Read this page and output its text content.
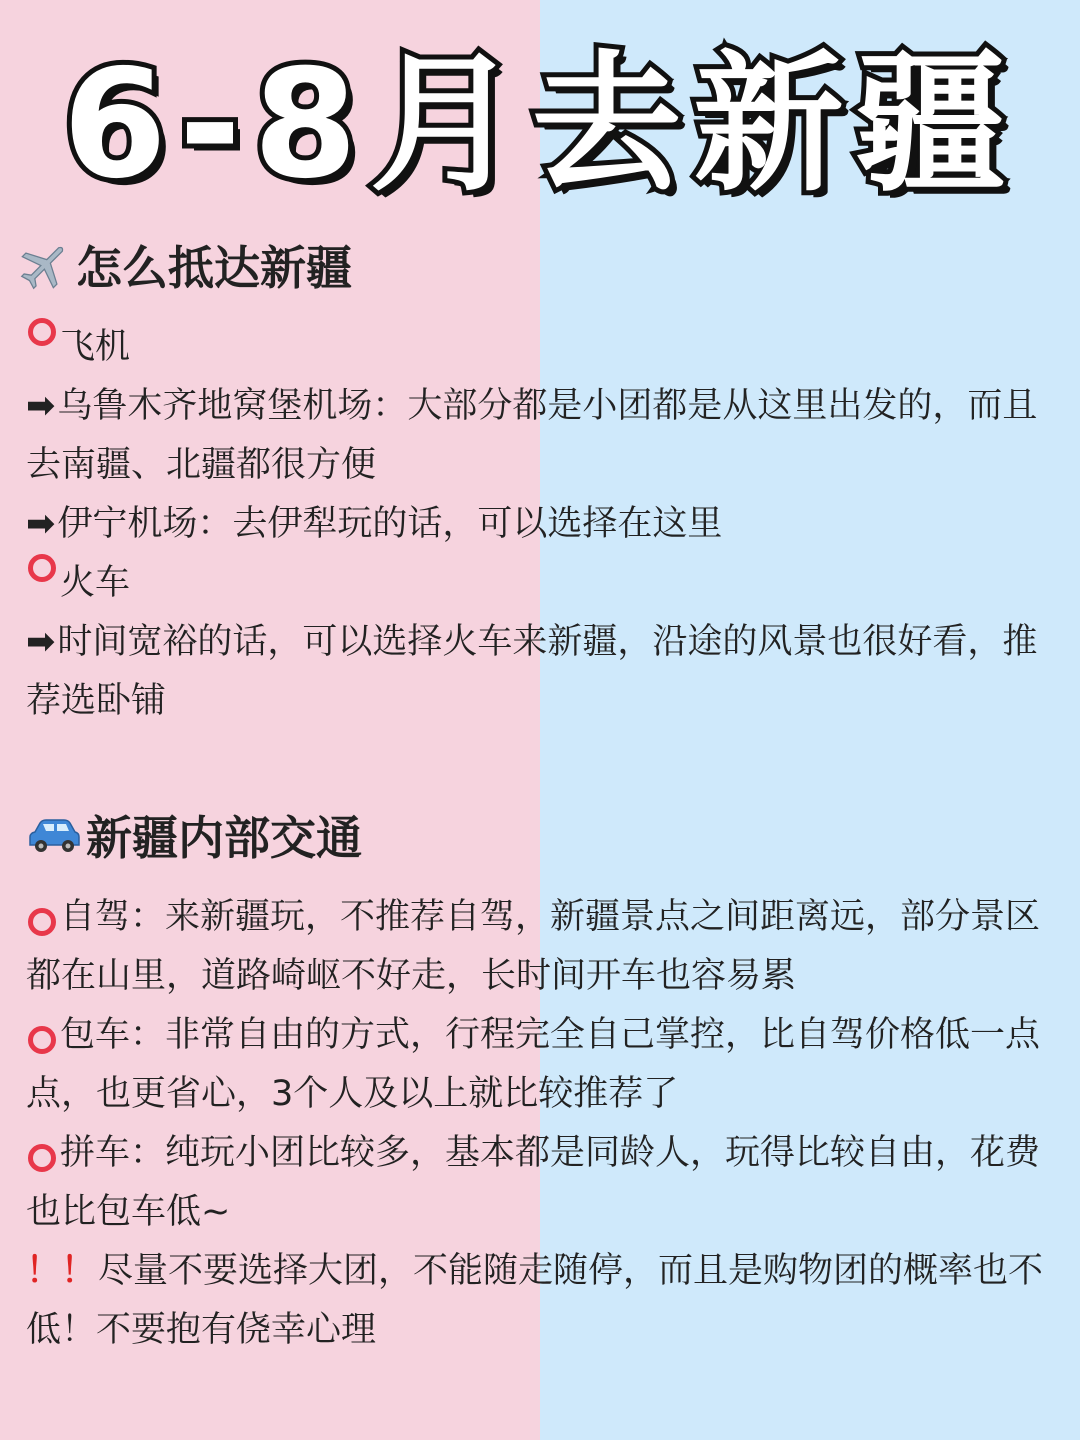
6-8月去新疆
怎么抵达新疆
飞机
➡乌鲁木齐地窝堡机场：大部分都是小团都是从这里出发的，而且去南疆、北疆都很方便
➡伊宁机场：去伊犁玩的话，可以选择在这里
火车
➡时间宽裕的话，可以选择火车来新疆，沿途的风景也很好看，推荐选卧铺
新疆内部交通
自驾：来新疆玩，不推荐自驾，新疆景点之间距离远，部分景区都在山里，道路崎岖不好走，长时间开车也容易累
包车：非常自由的方式，行程完全自己掌控，比自驾价格低一点点，也更省心，3个人及以上就比较推荐了
拼车：纯玩小团比较多，基本都是同龄人，玩得比较自由，花费也比包车低~
！！尽量不要选择大团，不能随走随停，而且是购物团的概率也不低！不要抱有侥幸心理
